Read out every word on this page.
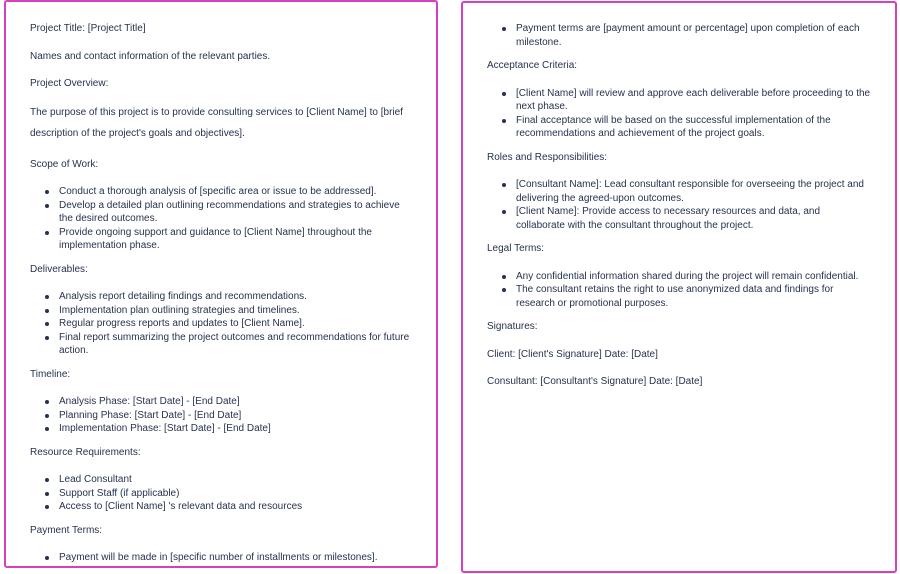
Project Title: [Project Title]

Names and contact information of the relevant parties.

Project Overview:

The purpose of this project is to provide consulting services to [Client Name] to [brief description of the project's goals and objectives].

Scope of Work:

Conduct a thorough analysis of [specific area or issue to be addressed].
Develop a detailed plan outlining recommendations and strategies to achieve the desired outcomes.
Provide ongoing support and guidance to [Client Name] throughout the implementation phase.

Deliverables:

Analysis report detailing findings and recommendations.
Implementation plan outlining strategies and timelines.
Regular progress reports and updates to [Client Name].
Final report summarizing the project outcomes and recommendations for future action.

Timeline:

Analysis Phase: [Start Date] - [End Date]
Planning Phase: [Start Date] - [End Date]
Implementation Phase: [Start Date] - [End Date]

Resource Requirements:

Lead Consultant
Support Staff (if applicable)
Access to [Client Name] 's relevant data and resources

Payment Terms:

Payment will be made in [specific number of installments or milestones].
Payment terms are [payment amount or percentage] upon completion of each milestone.

Acceptance Criteria:

[Client Name] will review and approve each deliverable before proceeding to the next phase.
Final acceptance will be based on the successful implementation of the recommendations and achievement of the project goals.

Roles and Responsibilities:

[Consultant Name]: Lead consultant responsible for overseeing the project and delivering the agreed-upon outcomes.
[Client Name]: Provide access to necessary resources and data, and collaborate with the consultant throughout the project.

Legal Terms:

Any confidential information shared during the project will remain confidential.
The consultant retains the right to use anonymized data and findings for research or promotional purposes.

Signatures:

Client: [Client's Signature] Date: [Date]

Consultant: [Consultant's Signature] Date: [Date]
